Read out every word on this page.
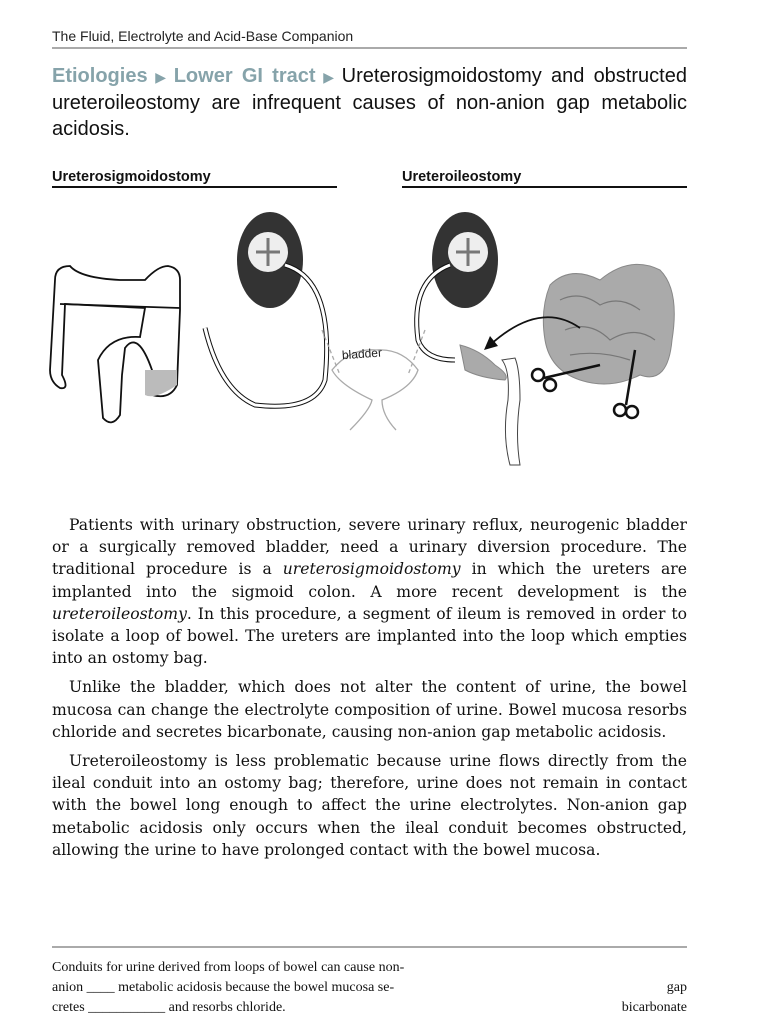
The Fluid, Electrolyte and Acid-Base Companion
Etiologies ▶ Lower GI tract ▶ Ureterosigmoidostomy and obstructed ureteroileostomy are infrequent causes of non-anion gap metabolic acidosis.
Ureterosigmoidostomy	Ureteroileostomy
bladder

Patients with urinary obstruction, severe urinary reflux, neurogenic bladder or a surgically removed bladder, need a urinary diversion procedure. The traditional procedure is a ureterosigmoidostomy in which the ureters are implanted into the sigmoid colon. A more recent development is the ureteroileostomy. In this procedure, a segment of ileum is removed in order to isolate a loop of bowel. The ureters are implanted into the loop which empties into an ostomy bag.

Unlike the bladder, which does not alter the content of urine, the bowel mucosa can change the electrolyte composition of urine. Bowel mucosa resorbs chloride and secretes bicarbonate, causing non-anion gap metabolic acidosis.

Ureteroileostomy is less problematic because urine flows directly from the ileal conduit into an ostomy bag; therefore, urine does not remain in contact with the bowel long enough to affect the urine electrolytes. Non-anion gap metabolic acidosis only occurs when the ileal conduit becomes obstructed, allowing the urine to have prolonged contact with the bowel mucosa.

Conduits for urine derived from loops of bowel can cause non-
anion ____ metabolic acidosis because the bowel mucosa se-
cretes ___________ and resorbs chloride.
gap
bicarbonate
